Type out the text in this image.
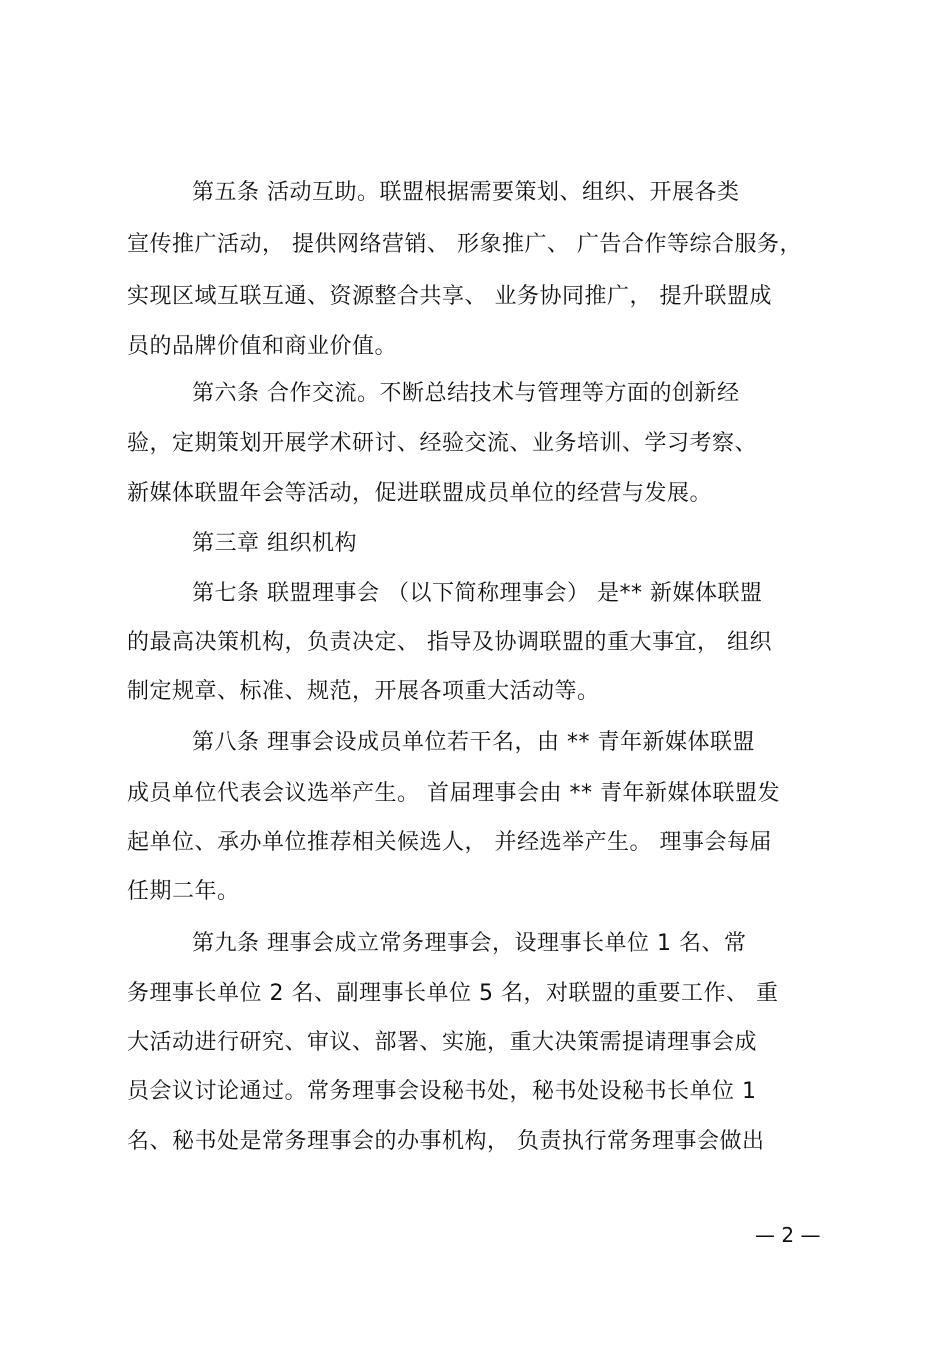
第五条 活动互助。联盟根据需要策划、组织、开展各类
宣传推广活动， 提供网络营销、 形象推广、 广告合作等综合服务，
实现区域互联互通、资源整合共享、 业务协同推广， 提升联盟成
员的品牌价值和商业价值。
第六条 合作交流。不断总结技术与管理等方面的创新经
验，定期策划开展学术研讨、经验交流、业务培训、学习考察、
新媒体联盟年会等活动，促进联盟成员单位的经营与发展。
第三章 组织机构
第七条 联盟理事会 （以下简称理事会） 是** 新媒体联盟
的最高决策机构，负责决定、 指导及协调联盟的重大事宜， 组织
制定规章、标准、规范，开展各项重大活动等。
第八条 理事会设成员单位若干名，由 ** 青年新媒体联盟
成员单位代表会议选举产生。 首届理事会由 ** 青年新媒体联盟发
起单位、承办单位推荐相关候选人， 并经选举产生。 理事会每届
任期二年。
第九条 理事会成立常务理事会，设理事长单位 1 名、常
务理事长单位 2 名、副理事长单位 5 名，对联盟的重要工作、 重
大活动进行研究、审议、部署、实施，重大决策需提请理事会成
员会议讨论通过。常务理事会设秘书处，秘书处设秘书长单位 1
名、秘书处是常务理事会的办事机构， 负责执行常务理事会做出
— 2 —
